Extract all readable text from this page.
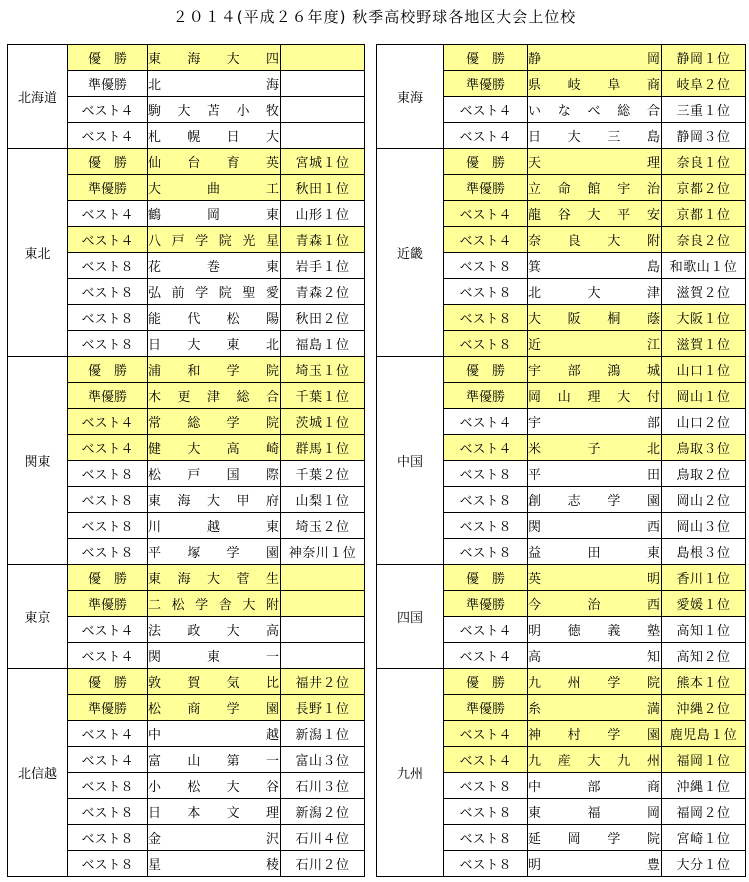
２０１４(平成２６年度) 秋季高校野球各地区大会上位校
北海道	優　勝	東海大四	
	準優勝	北海	
	ベスト４	駒大苫小牧	
	ベスト４	札幌日大	
東北	優　勝	仙台育英	宮城１位
	準優勝	大曲工	秋田１位
	ベスト４	鶴岡東	山形１位
	ベスト４	八戸学院光星	青森１位
	ベスト８	花巻東	岩手１位
	ベスト８	弘前学院聖愛	青森２位
	ベスト８	能代松陽	秋田２位
	ベスト８	日大東北	福島１位
関東	優　勝	浦和学院	埼玉１位
	準優勝	木更津総合	千葉１位
	ベスト４	常総学院	茨城１位
	ベスト４	健大高崎	群馬１位
	ベスト８	松戸国際	千葉２位
	ベスト８	東海大甲府	山梨１位
	ベスト８	川越東	埼玉２位
	ベスト８	平塚学園	神奈川１位
東京	優　勝	東海大菅生	
	準優勝	二松学舎大附	
	ベスト４	法政大高	
	ベスト４	関東一	
北信越	優　勝	敦賀気比	福井２位
	準優勝	松商学園	長野１位
	ベスト４	中越	新潟１位
	ベスト４	富山第一	富山３位
	ベスト８	小松大谷	石川３位
	ベスト８	日本文理	新潟２位
	ベスト８	金沢	石川４位
	ベスト８	星稜	石川２位
東海	優　勝	静岡	静岡１位
	準優勝	県岐阜商	岐阜２位
	ベスト４	いなべ総合	三重１位
	ベスト４	日大三島	静岡３位
近畿	優　勝	天理	奈良１位
	準優勝	立命館宇治	京都２位
	ベスト４	龍谷大平安	京都１位
	ベスト４	奈良大附	奈良２位
	ベスト８	箕島	和歌山１位
	ベスト８	北大津	滋賀２位
	ベスト８	大阪桐蔭	大阪１位
	ベスト８	近江	滋賀１位
中国	優　勝	宇部鴻城	山口１位
	準優勝	岡山理大付	岡山１位
	ベスト４	宇部	山口２位
	ベスト４	米子北	鳥取３位
	ベスト８	平田	鳥取２位
	ベスト８	創志学園	岡山２位
	ベスト８	関西	岡山３位
	ベスト８	益田東	島根３位
四国	優　勝	英明	香川１位
	準優勝	今治西	愛媛１位
	ベスト４	明徳義塾	高知１位
	ベスト４	高知	高知２位
九州	優　勝	九州学院	熊本１位
	準優勝	糸満	沖縄２位
	ベスト４	神村学園	鹿児島１位
	ベスト４	九産大九州	福岡１位
	ベスト８	中部商	沖縄１位
	ベスト８	東福岡	福岡２位
	ベスト８	延岡学院	宮崎１位
	ベスト８	明豊	大分１位
